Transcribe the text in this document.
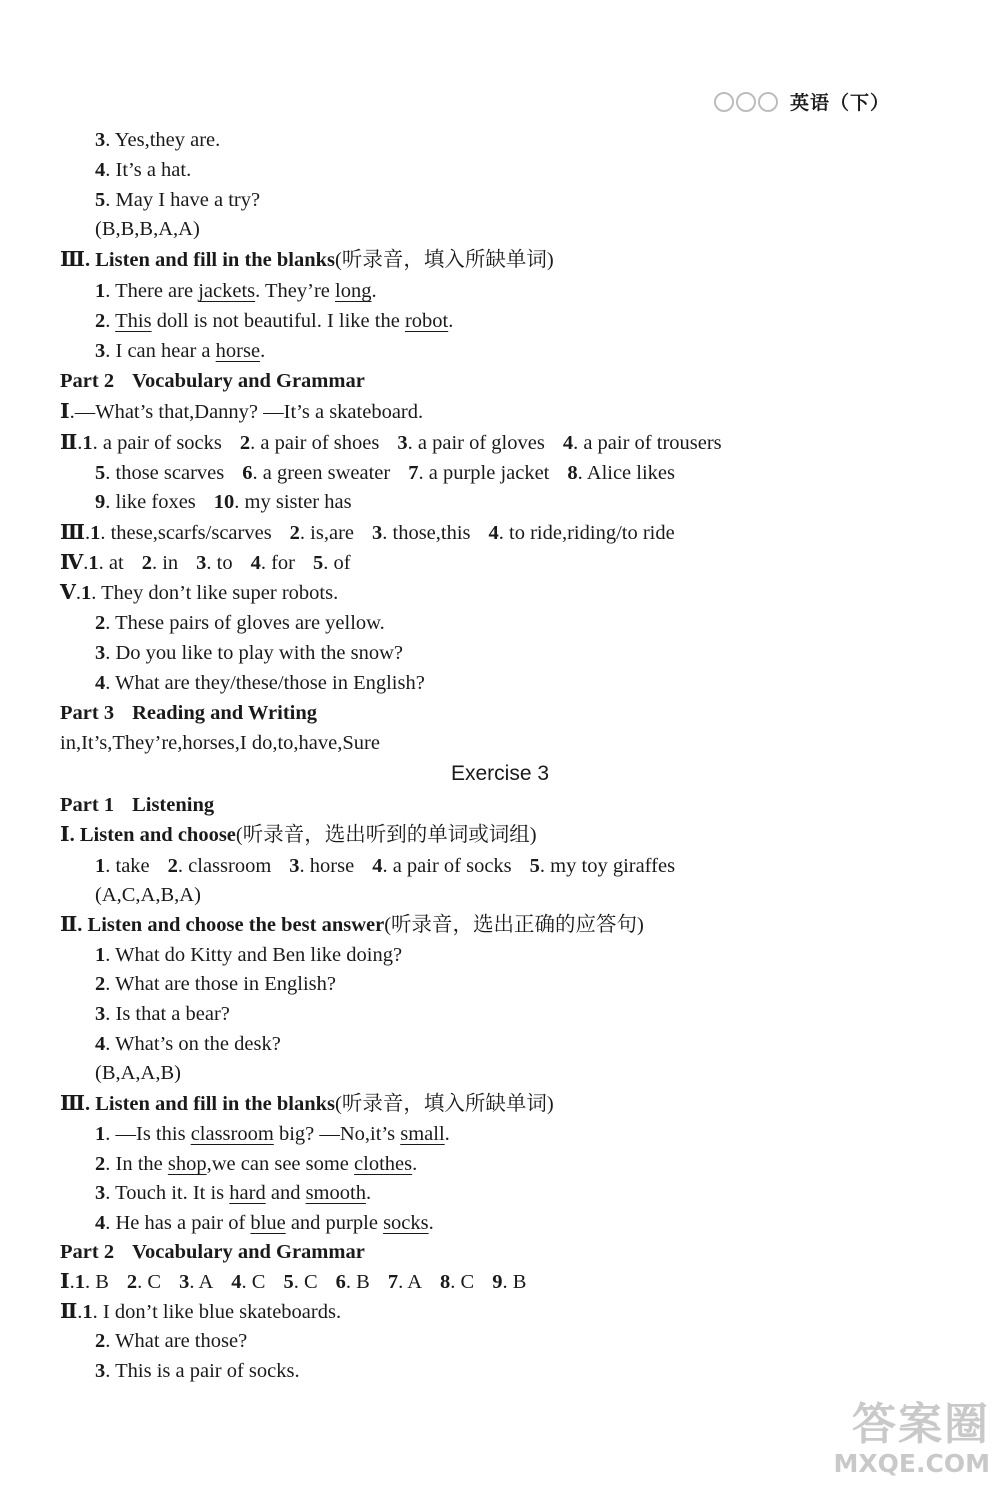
英语（下）
3. Yes,they are.
4. It’s a hat.
5. May I have a try?
(B,B,B,A,A)
Ⅲ. Listen and fill in the blanks(听录音，填入所缺单词)
1. There are jackets. They’re long.
2. This doll is not beautiful. I like the robot.
3. I can hear a horse.
Part 2 Vocabulary and Grammar
Ⅰ.—What’s that,Danny? —It’s a skateboard.
Ⅱ.1. a pair of socks 2. a pair of shoes 3. a pair of gloves 4. a pair of trousers
5. those scarves 6. a green sweater 7. a purple jacket 8. Alice likes
9. like foxes 10. my sister has
Ⅲ.1. these,scarfs/scarves 2. is,are 3. those,this 4. to ride,riding/to ride
Ⅳ.1. at 2. in 3. to 4. for 5. of
Ⅴ.1. They don’t like super robots.
2. These pairs of gloves are yellow.
3. Do you like to play with the snow?
4. What are they/these/those in English?
Part 3 Reading and Writing
in,It’s,They’re,horses,I do,to,have,Sure
Exercise 3
Part 1 Listening
Ⅰ. Listen and choose(听录音，选出听到的单词或词组)
1. take 2. classroom 3. horse 4. a pair of socks 5. my toy giraffes
(A,C,A,B,A)
Ⅱ. Listen and choose the best answer(听录音，选出正确的应答句)
1. What do Kitty and Ben like doing?
2. What are those in English?
3. Is that a bear?
4. What’s on the desk?
(B,A,A,B)
Ⅲ. Listen and fill in the blanks(听录音，填入所缺单词)
1. —Is this classroom big? —No,it’s small.
2. In the shop,we can see some clothes.
3. Touch it. It is hard and smooth.
4. He has a pair of blue and purple socks.
Part 2 Vocabulary and Grammar
Ⅰ.1. B 2. C 3. A 4. C 5. C 6. B 7. A 8. C 9. B
Ⅱ.1. I don’t like blue skateboards.
2. What are those?
3. This is a pair of socks.
答案圈
MXQE.COM
